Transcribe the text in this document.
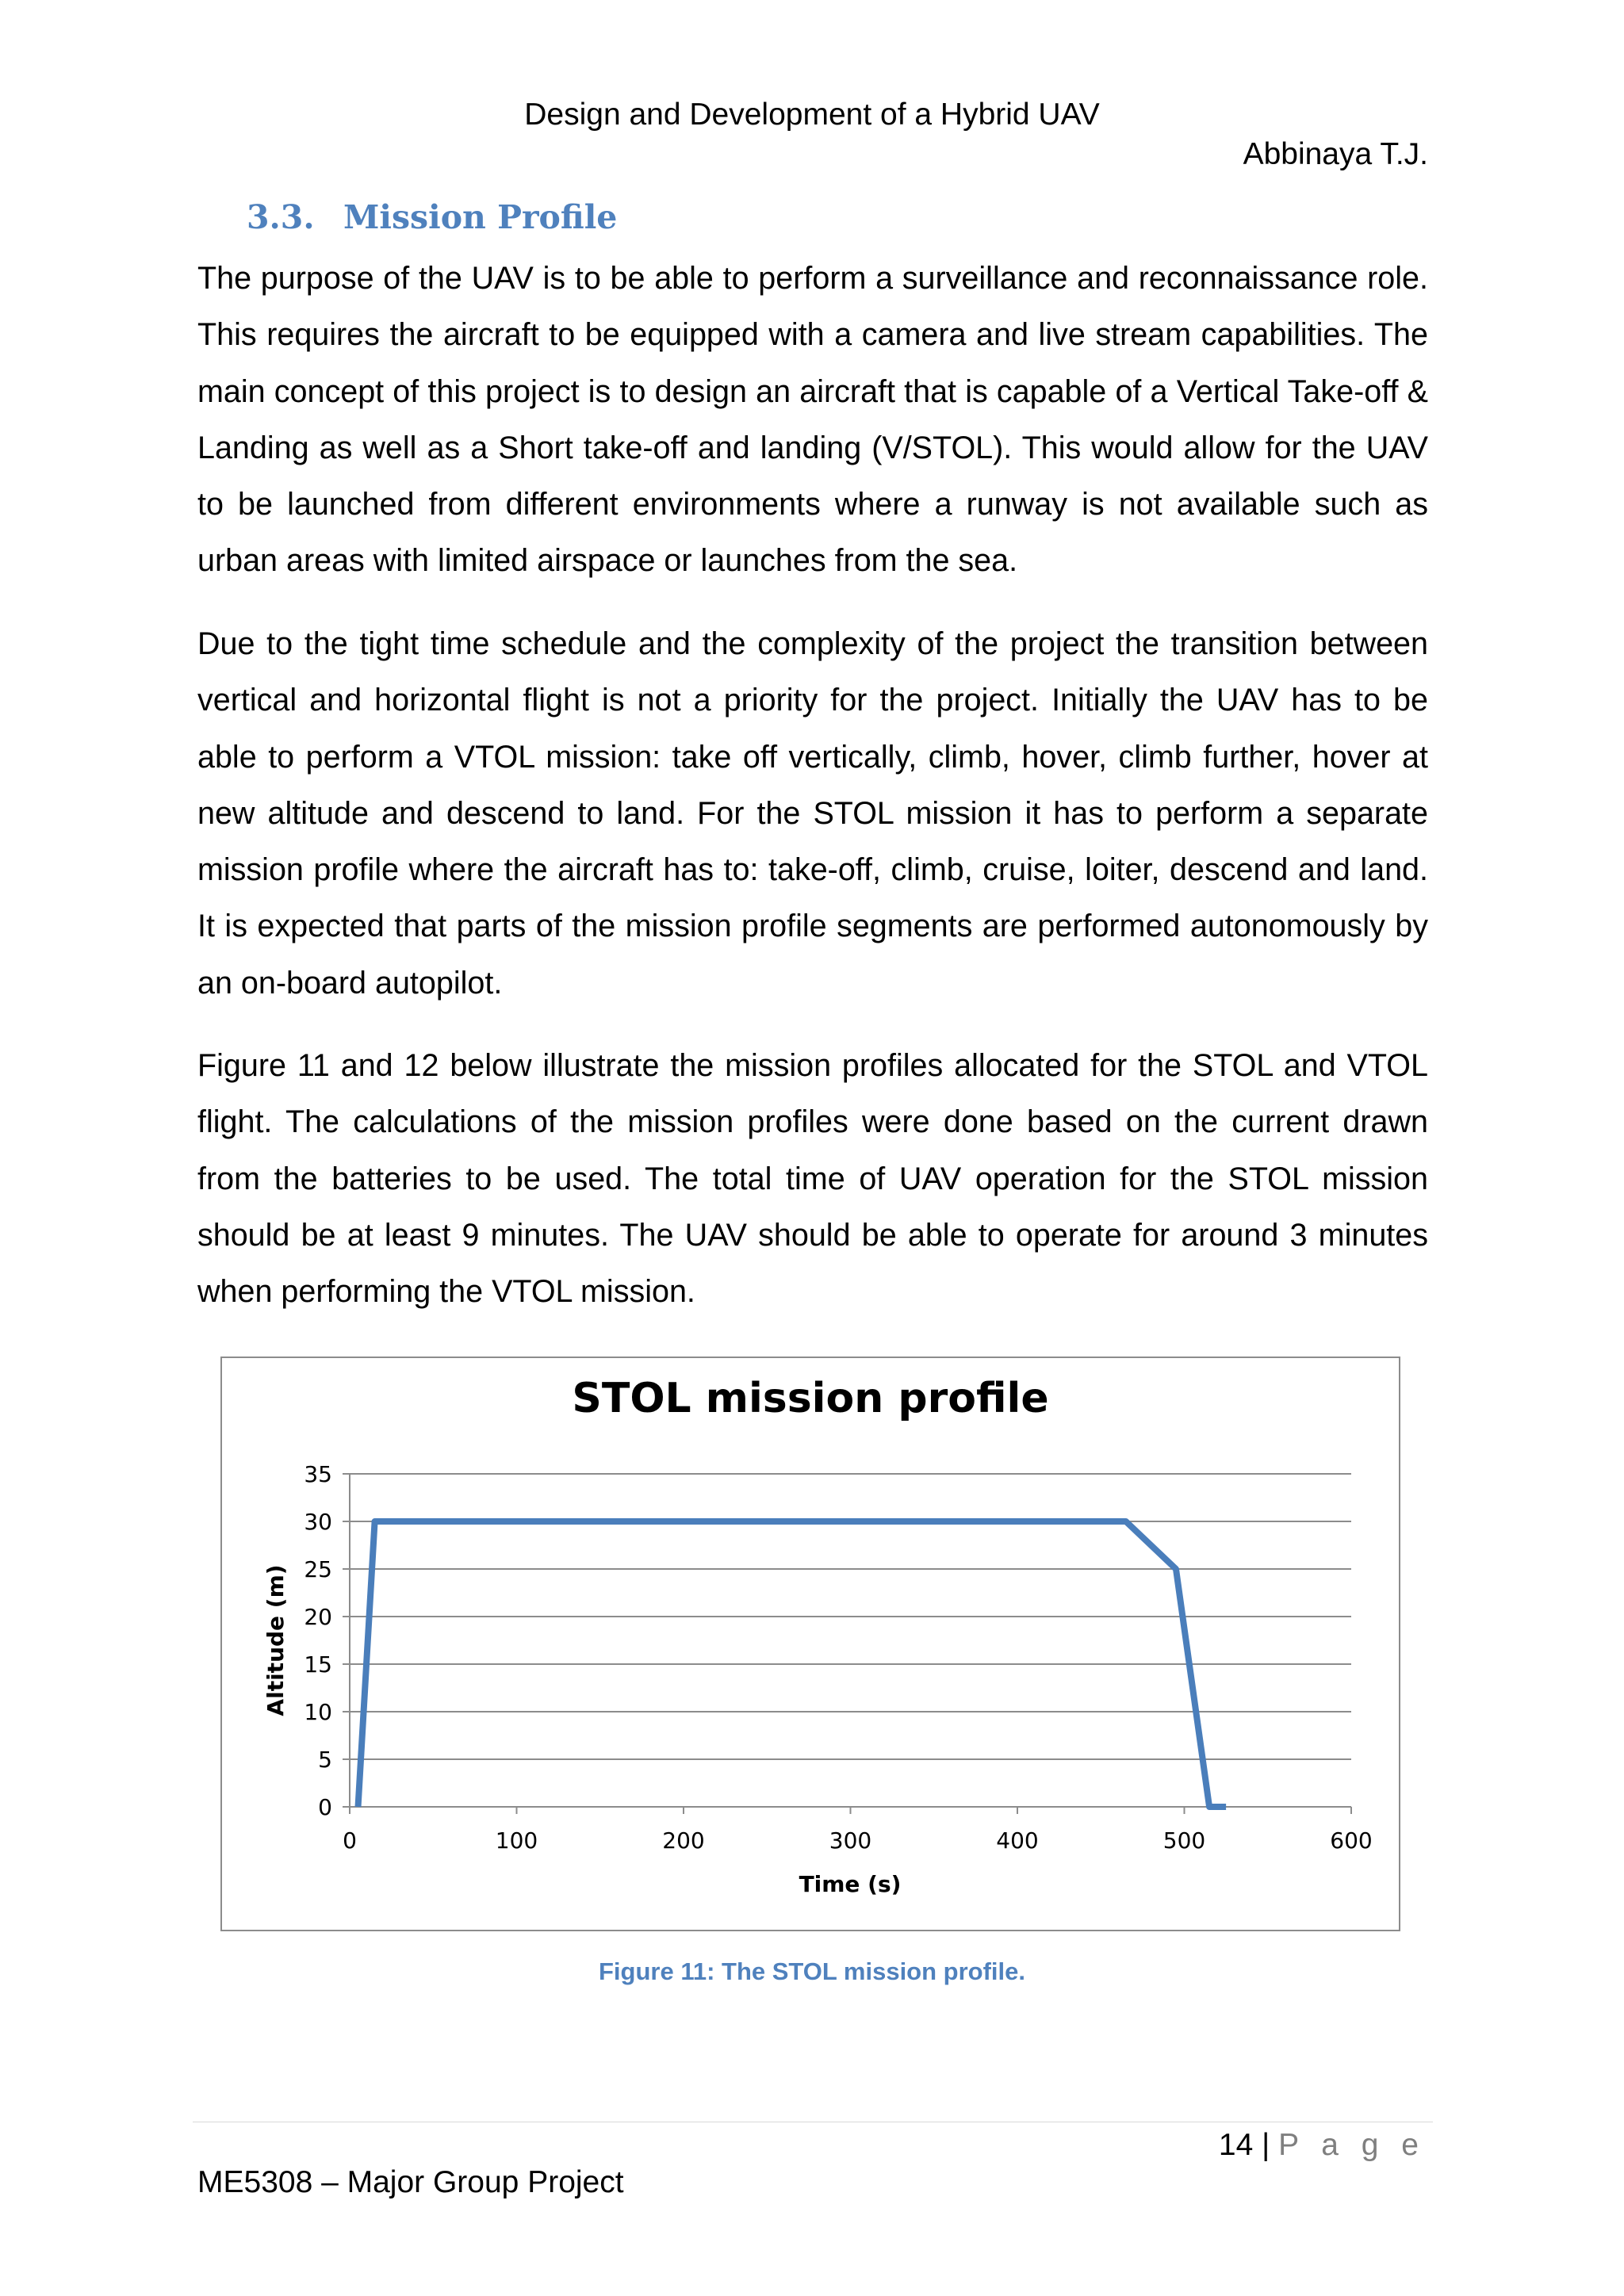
Design and Development of a Hybrid UAV
Abbinaya T.J.
3.3. Mission Profile

The purpose of the UAV is to be able to perform a surveillance and reconnaissance role. This requires the aircraft to be equipped with a camera and live stream capabilities. The main concept of this project is to design an aircraft that is capable of a Vertical Take-off & Landing as well as a Short take-off and landing (V/STOL). This would allow for the UAV to be launched from different environments where a runway is not available such as urban areas with limited airspace or launches from the sea.

Due to the tight time schedule and the complexity of the project the transition between vertical and horizontal flight is not a priority for the project. Initially the UAV has to be able to perform a VTOL mission: take off vertically, climb, hover, climb further, hover at new altitude and descend to land. For the STOL mission it has to perform a separate mission profile where the aircraft has to: take-off, climb, cruise, loiter, descend and land. It is expected that parts of the mission profile segments are performed autonomously by an on-board autopilot.

Figure 11 and 12 below illustrate the mission profiles allocated for the STOL and VTOL flight. The calculations of the mission profiles were done based on the current drawn from the batteries to be used. The total time of UAV operation for the STOL mission should be at least 9 minutes. The UAV should be able to operate for around 3 minutes when performing the VTOL mission.

STOL mission profile
Altitude (m)
Time (s)
0
5
10
15
20
25
30
35
0	100	200	300	400	500	600
Figure 11: The STOL mission profile.
14 | P a g e
ME5308 – Major Group Project
